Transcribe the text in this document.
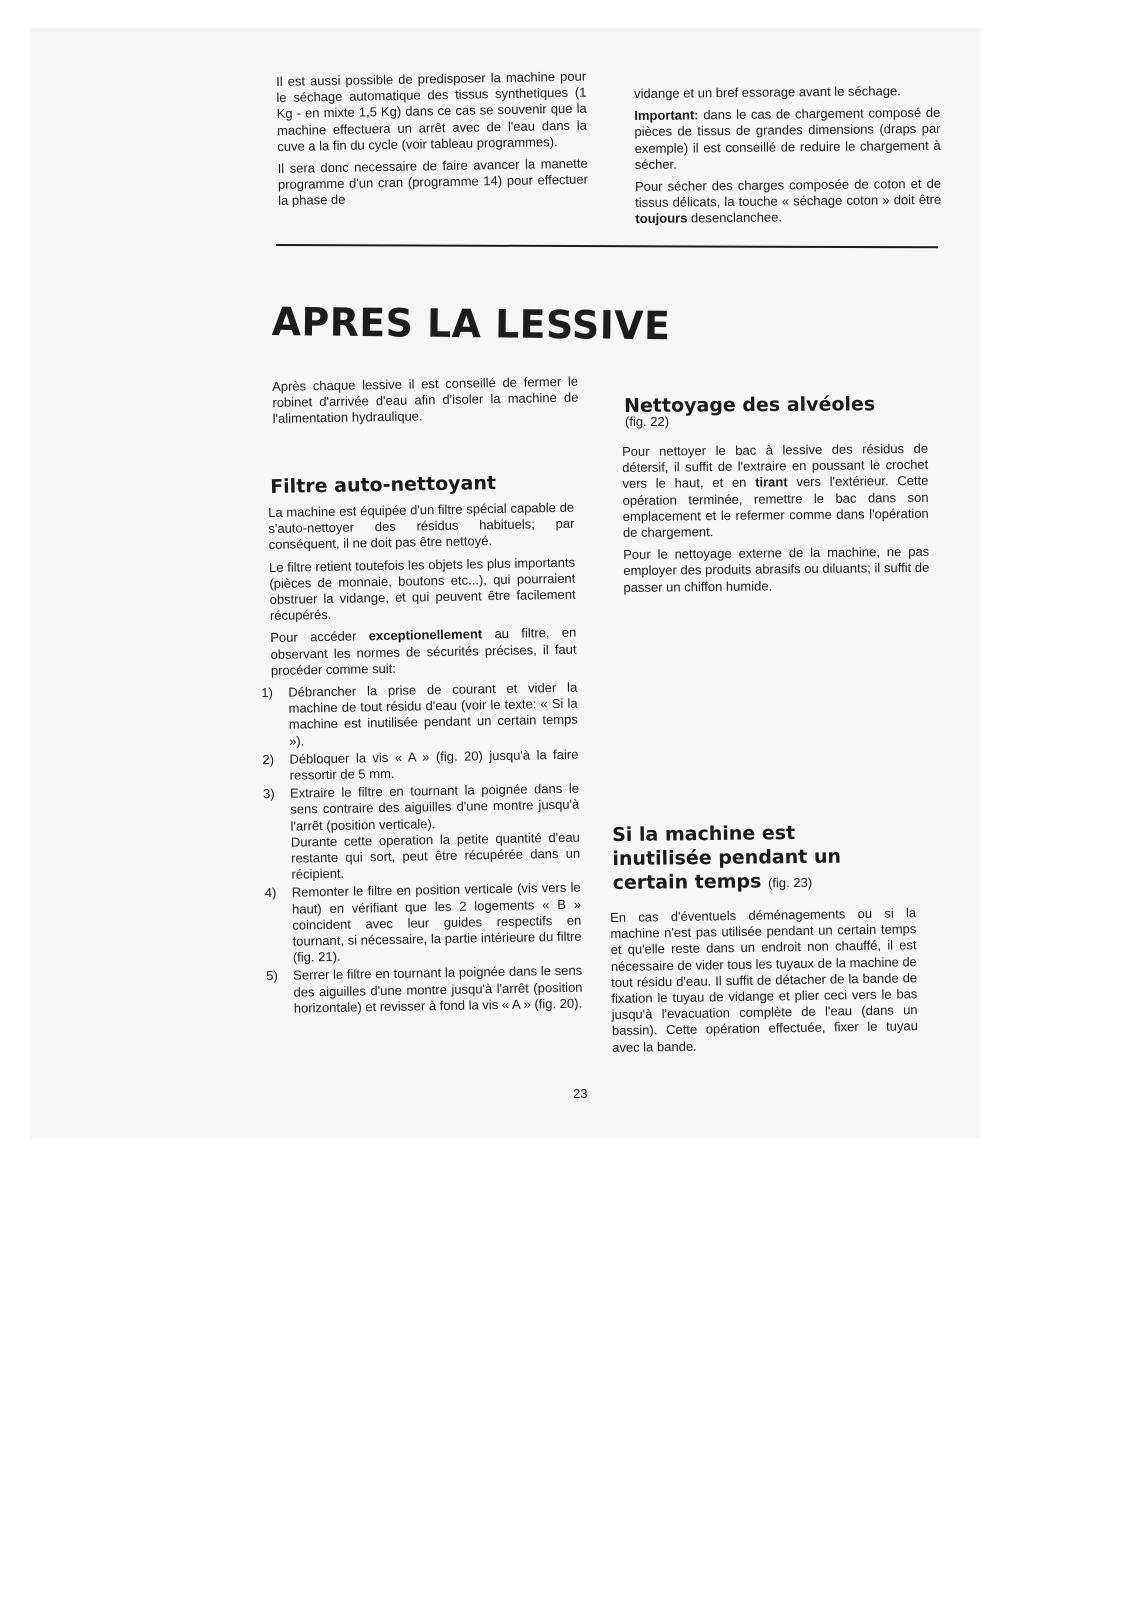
Il est aussi possible de predisposer la machine pour le séchage automatique des tissus synthetiques (1 Kg - en mixte 1,5 Kg) dans ce cas se souvenir que la machine effectuera un arrêt avec de l'eau dans la cuve a la fin du cycle (voir tableau programmes).

Il sera donc necessaire de faire avancer la manette programme d'un cran (programme 14) pour effectuer la phase de

vidange et un bref essorage avant le séchage.

Important: dans le cas de chargement composé de pièces de tissus de grandes dimensions (draps par exemple) il est conseillé de reduire le chargement à sécher.

Pour sécher des charges composée de coton et de tissus délicats, la touche « séchage coton » doit être toujours desenclanchee.

APRES LA LESSIVE

Après chaque lessive il est conseillé de fermer le robinet d'arrivée d'eau afin d'isoler la machine de l'alimentation hydraulique.

Filtre auto-nettoyant

La machine est équipée d'un filtre spécial capable de s'auto-nettoyer des résidus habituels; par conséquent, il ne doit pas être nettoyé.

Le filtre retient toutefois les objets les plus importants (pièces de monnaie, boutons etc...), qui pourraient obstruer la vidange, et qui peuvent être facilement récupérés.

Pour accéder exceptionellement au filtre, en observant les normes de sécurités précises, il faut procéder comme suit:

1) Débrancher la prise de courant et vider la machine de tout résidu d'eau (voir le texte: « Si la machine est inutilisée pendant un certain temps »).
2) Débloquer la vis « A » (fig. 20) jusqu'à la faire ressortir de 5 mm.
3) Extraire le filtre en tournant la poignée dans le sens contraire des aiguilles d'une montre jusqu'à l'arrêt (position verticale).
Durante cette operation la petite quantité d'eau restante qui sort, peut être récupérée dans un récipient.
4) Remonter le filtre en position verticale (vis vers le haut) en vérifiant que les 2 logements « B » coincident avec leur guides respectifs en tournant, si nécessaire, la partie intérieure du filtre (fig. 21).
5) Serrer le filtre en tournant la poignée dans le sens des aiguilles d'une montre jusqu'à l'arrêt (position horizontale) et revisser à fond la vis « A » (fig. 20).
Nettoyage des alvéoles
(fig. 22)

Pour nettoyer le bac à lessive des résidus de détersif, il suffit de l'extraire en poussant le crochet vers le haut, et en tirant vers l'extérieur. Cette opération terminée, remettre le bac dans son emplacement et le refermer comme dans l'opération de chargement.

Pour le nettoyage externe de la machine, ne pas employer des produits abrasifs ou diluants; il suffit de passer un chiffon humide.

Si la machine est inutilisée pendant un certain temps (fig. 23)

En cas d'éventuels déménagements ou si la machine n'est pas utilisée pendant un certain temps et qu'elle reste dans un endroit non chauffé, il est nécessaire de vider tous les tuyaux de la machine de tout résidu d'eau. Il suffit de détacher de la bande de fixation le tuyau de vidange et plier ceci vers le bas jusqu'à l'evacuation complète de l'eau (dans un bassin). Cette opération effectuée, fixer le tuyau avec la bande.

23
